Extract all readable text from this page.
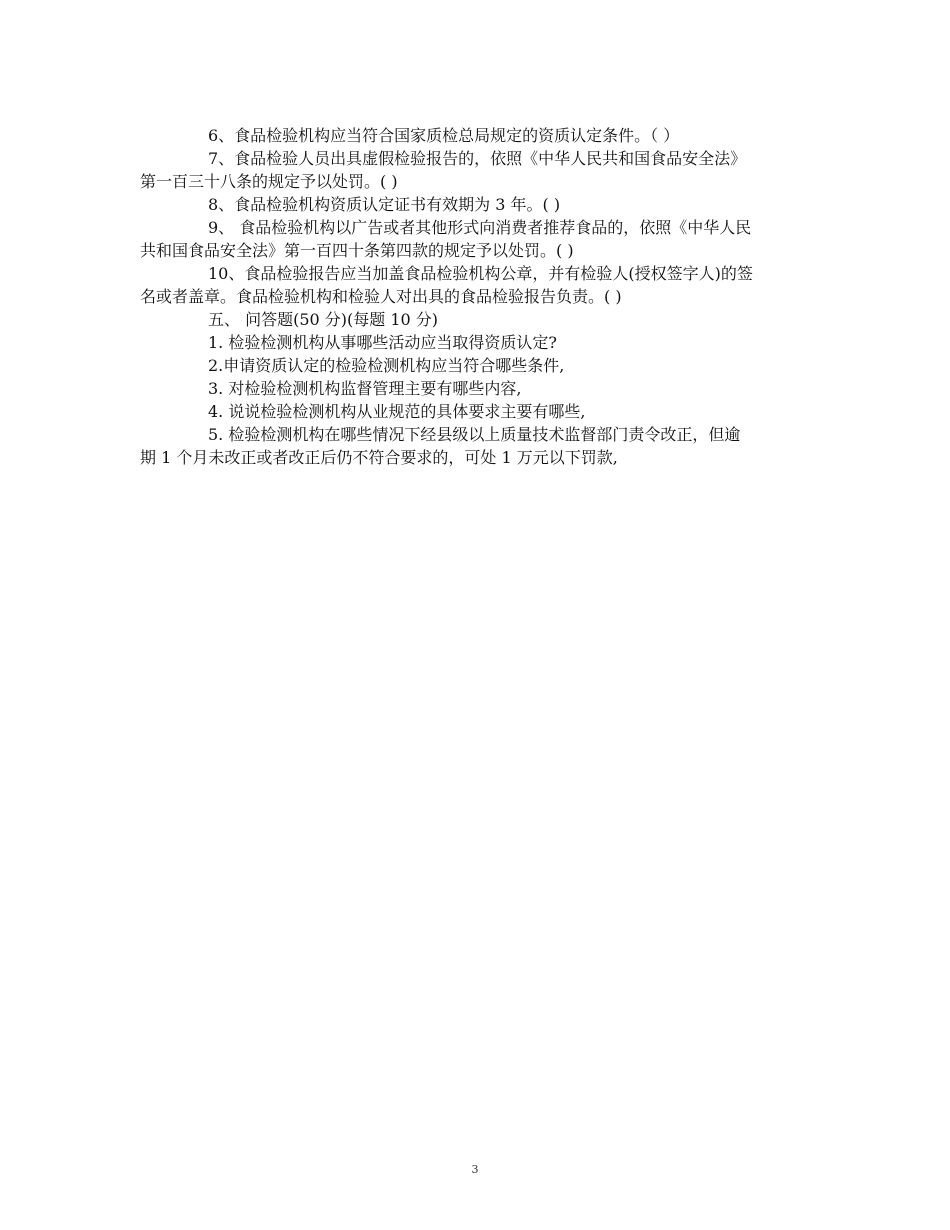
6、食品检验机构应当符合国家质检总局规定的资质认定条件。（ ）
7、食品检验人员出具虚假检验报告的，依照《中华人民共和国食品安全法》
第一百三十八条的规定予以处罚。( )
8、食品检验机构资质认定证书有效期为 3 年。( )
9、 食品检验机构以广告或者其他形式向消费者推荐食品的，依照《中华人民
共和国食品安全法》第一百四十条第四款的规定予以处罚。( )
10、食品检验报告应当加盖食品检验机构公章，并有检验人(授权签字人)的签
名或者盖章。食品检验机构和检验人对出具的食品检验报告负责。( )
五、 问答题(50 分)(每题 10 分)
1. 检验检测机构从事哪些活动应当取得资质认定?
2.申请资质认定的检验检测机构应当符合哪些条件,
3. 对检验检测机构监督管理主要有哪些内容,
4. 说说检验检测机构从业规范的具体要求主要有哪些,
5. 检验检测机构在哪些情况下经县级以上质量技术监督部门责令改正，但逾
期 1 个月未改正或者改正后仍不符合要求的，可处 1 万元以下罚款,
3
